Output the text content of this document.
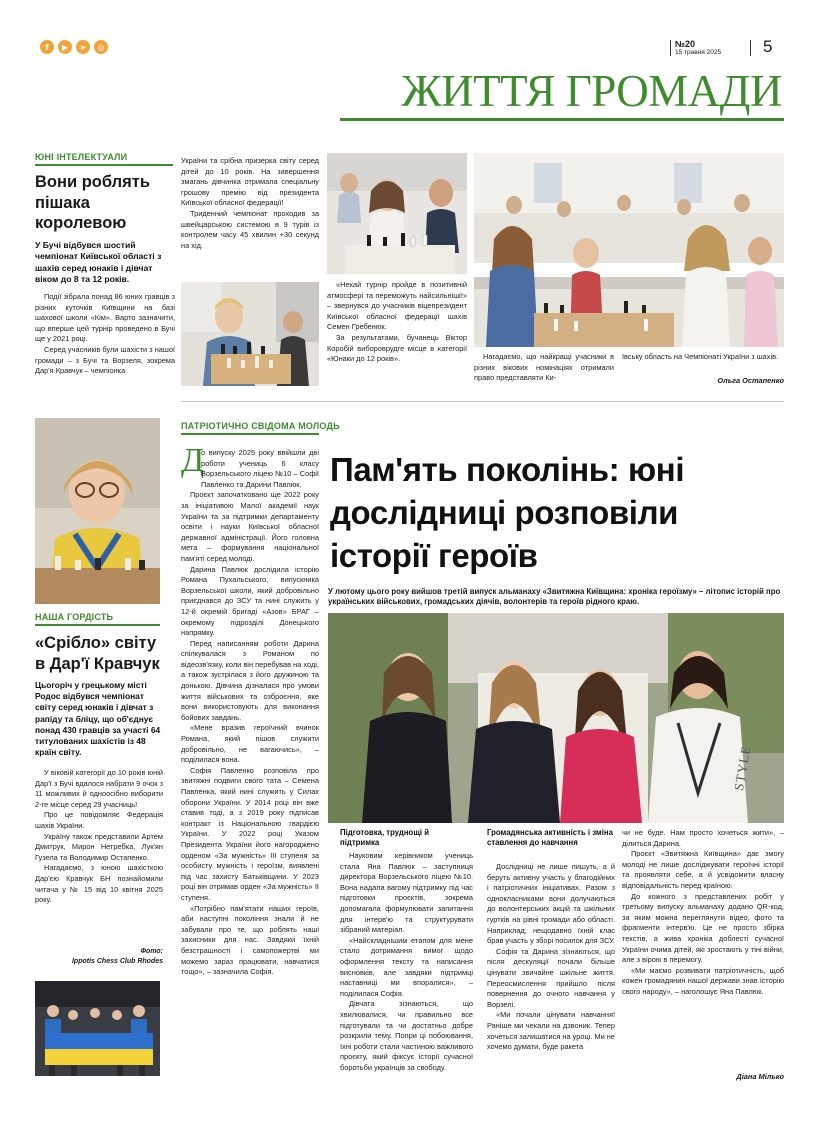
f	▶	➤	◎	№20
15 травня 2025 5
ЖИТТЯ ГРОМАДИ
ЮНІ ІНТЕЛЕКТУАЛИ
Вони роблять пішака королевою
У Бучі відбувся шостий чемпіонат Київської області з шахів серед юнаків і дівчат віком до 8 та 12 років.

Події зібрала понад 86 юних гравців з різних куточків Київщини на базі шахової школи «Кім». Варто зазначити, що вперше цей турнір проведено в Бучі ще у 2021 році.

Серед учасників були шахісти з нашої громади – з Бучі та Ворзеля, зокрема Дар'я Кравчук – чемпіонка

України та срібна призерка світу серед дітей до 10 років. На завершення змагань дівчинка отримала спеціальну грошову премію від президента Київської обласної федерації!

Триденний чемпіонат проходив за швейцарською системою в 9 турів із контролем часу 45 хвилин +30 секунд на хід.

«Нехай турнір пройде в позитивній атмосфері та переможуть найсильніші!» – звернувся до учасників віцепрезидент Київської обласної федерації шахів Семен Гребенюк.

За результатами, бучанець Віктор Коробій вибороврудге місце в категорії «Юнаки до 12 років».	Нагадаємо, що найкращі учасники в різних вікових номінаціях отримали право представляти Ки-

ївську область на Чемпіонаті України з шахів.

Ольга Остапенко
НАША ГОРДІСТЬ
«Срібло» світу в Дар'ї Кравчук
Цьогоріч у грецькому місті Родос відбувся чемпіонат світу серед юнаків і дівчат з рапіду та бліцу, що об'єднує понад 430 гравців за участі 64 титулованих шахістів із 48 країн світу.

У віковій категорії до 10 років юній Дар'ї з Бучі вдалося набрати 9 очок з 11 можливих й одноосібно виборити 2-ге місце серед 29 учасниць!

Про це повідомляє Федерація шахів України.

Україну також представили Артем Дмитрук, Мирон Нетребка, Лук'ян Гузела та Володимир Остапенко.

Нагадаємо, з юною шахісткою Дар'єю Кравчук БН познайомили читача у № 15 від 10 квітня 2025 року.

Фото:
Ippotis Chess Club Rhodes
ПАТРІОТИЧНО СВІДОМА МОЛОДЬ
Д

о випуску 2025 року ввійшли дві роботи учениць 6 класу Ворзельського ліцею №10 – Софії Павленко та Дарини Павлюк.

Проєкт започатковано ще 2022 року за ініціативою Малої академії наук України та за підтримки департаменту освіти і науки Київської обласної державної адміністрації. Його головна мета – формування національної пам'яті серед молоді.

Дарина Павлюк дослідила історію Романа Пухальського, випускника Ворзельської школи, який добровільно приєднався до ЗСУ та нині служить у 12-й окремій бригаді «Азов» БРАГ – окремому підрозділі Донецького напрямку.

Перед написанням роботи Дарина спілкувалася з Романом по відеозв'язку, коли він перебував на ході, а також зустрілася з його дружиною та донькою. Дівчина дізналася про умови життя військових та озброєння, яке вони використовують для виконання бойових завдань.

«Мене вразив героїчний вчинок Романа, який пішов служити добровільно, не вагаючись», – поділилася вона.

Софія Павленко розповіла про звитяжні подвиги свого тата – Семена Павленка, який нині служить у Силах оборони України. У 2014 році він вже ставив тоді, а з 2019 року підписав контракт із Національною гвардією України. У 2022 році Указом Президента України його нагороджено орденом «За мужність» III ступеня за особисту мужність і героїзм, виявлені під час захисту Батьківщини. У 2023 році він отримав орден «За мужність» II ступеня.

«Потрібно пам'ятати наших героїв, аби наступні покоління знали й не забували про те, що роблять наші захисники для нас. Завдяки їхній безстрашності і самопожертві ми можемо зараз працювати, навчатися тощо», – зазначила Софія.

Пам'ять поколінь: юні дослідниці розповіли історії героїв
У лютому цього року вийшов третій випуск альманаху «Звитяжна Київщина: хроніка героїзму» – літопис історій про українських військових, громадських діячів, волонтерів та героїв рідного краю.
STYLE
Підготовка, труднощі й підтримка

Науковим керівником учениць стала Яна Павлюк – заступниця директора Ворзельського ліцею №10. Вона надала вагому підтримку під час підготовки проєктів, зокрема допомагала формулювати запитання для інтерв'ю та структурувати зібраний матеріал.

«Найскладнішим етапом для мене стало дотримання вимог щодо оформлення тексту та написання висновків, але завдяки підтримці наставниці ми впоралися», – поділилася Софія.

Дівчата зізнаються, що хвилювалися, чи правильно все підготували та чи достатньо добре розкрили тему. Попри ці побоювання, їхні роботи стали частиною важливого проєкту, який фіксує історії сучасної боротьби українців за свободу.

Громадянська активність і зміна ставлення до навчання

Дослідниці не лише пишуть, а й беруть активну участь у благодійних і патріотичних ініціативах. Разом з однокласниками вони долучаються до волонтерських акцій та шкільних гуртків на рівні громади або області. Наприклад, нещодавно їхній клас брав участь у зборі посилок для ЗСУ.

Софія та Дарина зізнаються, що після дескуляції почали більше цінувати звичайне шкільне життя. Переосмислення прийшло після повернення до очного навчання у Ворзелі.

«Ми почали цінувати навчання! Раніше ми чекали на дзвоник. Тепер хочеться залишатися на уроці. Ми не хочемо думати, буде ракета

чи не буде. Нам просто хочеться жити», – ділиться Дарина.

Проєкт «Звитяжна Київщина» дає змогу молоді не лише досліджувати героїчні історії та проявляти себе, а й усвідомити власну відповідальність перед країною.

До кожного з представлених робіт у третьому випуску альманаху додано QR-код, за яким можна переглянути відео, фото та фрагменти інтерв'ю. Це не просто збірка текстів, а жива хроніка доблесті сучасної України очима дітей, які зростають у тіні війни, але з вірою в перемогу.

«Ми маємо розвивати патріотичність, щоб кожен громадянин нашої держави знав історію свого народу», – наголошує Яна Павлюк.

Діана Мілько
